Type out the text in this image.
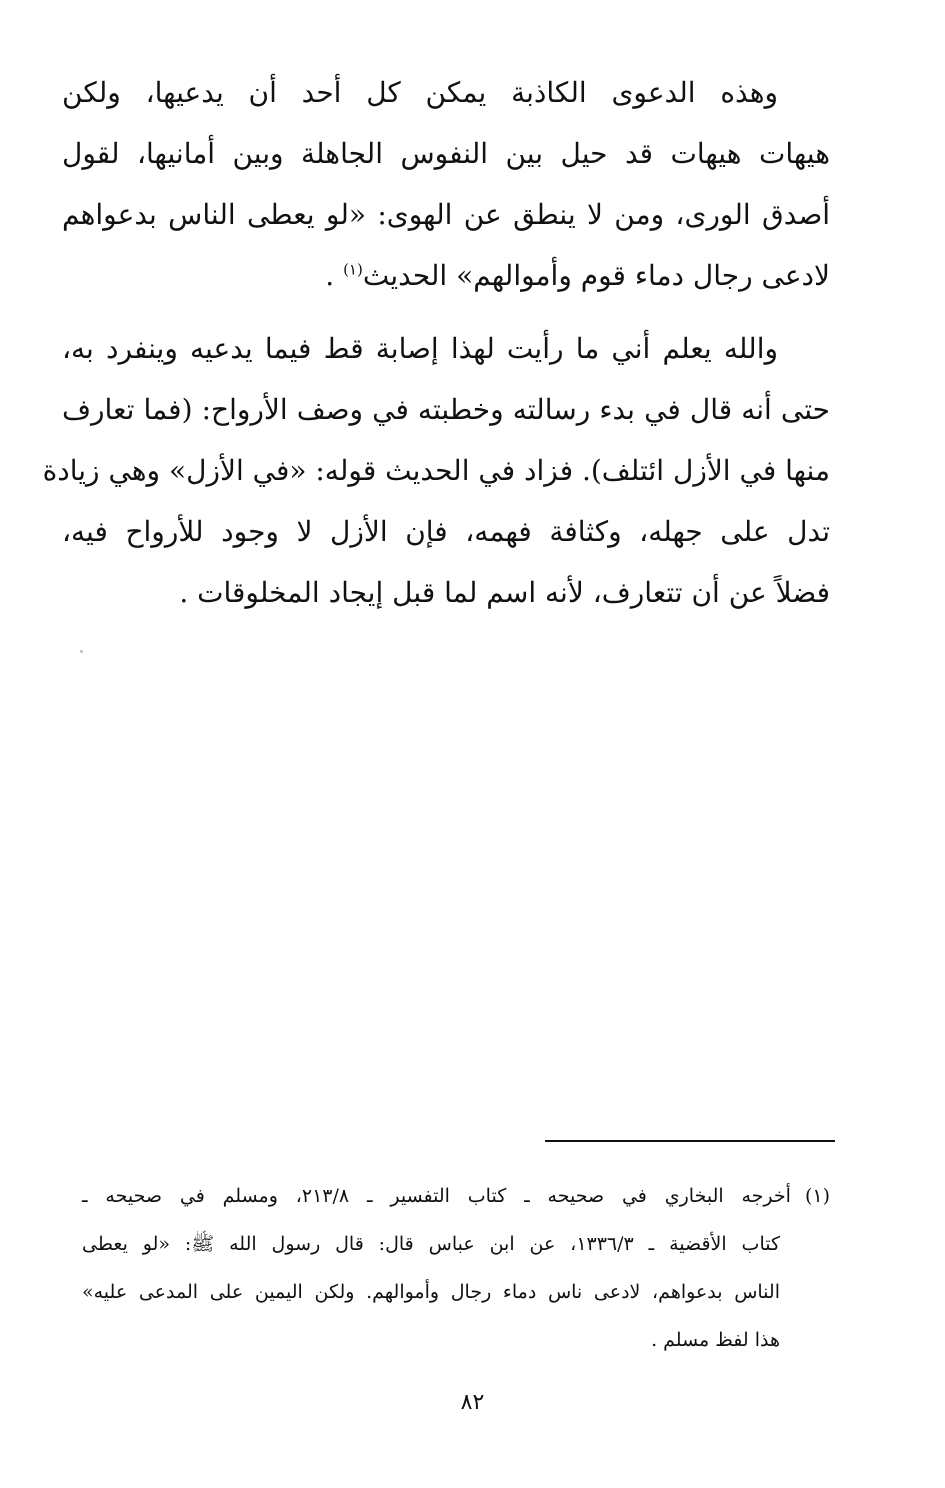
وهذه الدعوى الكاذبة يمكن كل أحد أن يدعيها، ولكن
هيهات هيهات قد حيل بين النفوس الجاهلة وبين أمانيها، لقول
أصدق الورى، ومن لا ينطق عن الهوى: «لو يعطى الناس بدعواهم
لادعى رجال دماء قوم وأموالهم» الحديث$^{(١)}$ .
والله يعلم أني ما رأيت لهذا إصابة قط فيما يدعيه وينفرد به،
حتى أنه قال في بدء رسالته وخطبته في وصف الأرواح: (فما تعارف
منها في الأزل ائتلف). فزاد في الحديث قوله: «في الأزل» وهي زيادة
تدل على جهله، وكثافة فهمه، فإن الأزل لا وجود للأرواح فيه،
فضلاً عن أن تتعارف، لأنه اسم لما قبل إيجاد المخلوقات .
(١)أخرجه البخاري في صحيحه ـ كتاب التفسير ـ ٢١٣/٨، ومسلم في صحيحه ـ
كتاب الأقضية ـ ١٣٣٦/٣، عن ابن عباس قال: قال رسول الله ﷺ: «لو يعطى
الناس بدعواهم، لادعى ناس دماء رجال وأموالهم. ولكن اليمين على المدعى عليه»
هذا لفظ مسلم .
٨٢
